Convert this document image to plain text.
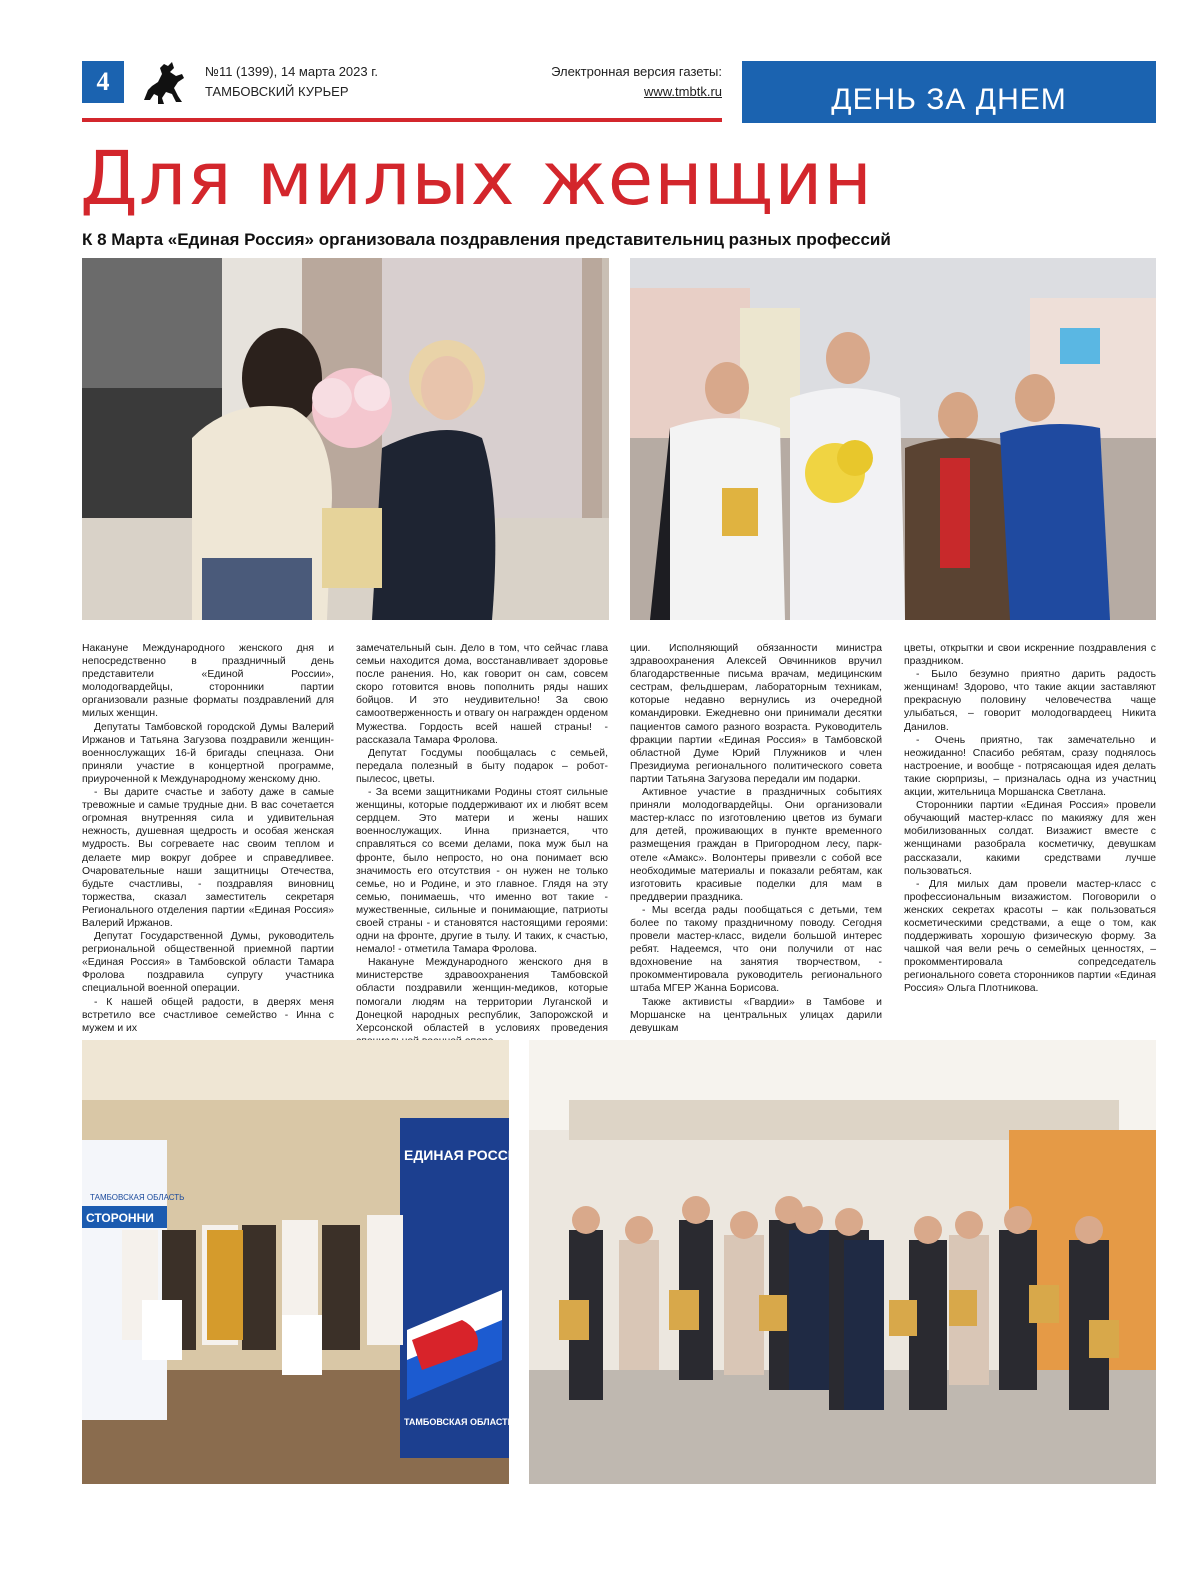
4	№11 (1399), 14 марта 2023 г.
ТАМБОВСКИЙ КУРЬЕР
Электронная версия газеты:
www.tmbtk.ru	ДЕНЬ ЗА ДНЕМ
Для милых женщин
К 8 Марта «Единая Россия» организовала поздравления представительниц разных профессий

Накануне Международного женского дня и непосредственно в праздничный день представители «Единой России», молодогвардейцы, сторонники партии организовали разные форматы поздравлений для милых женщин.

Депутаты Тамбовской городской Думы Валерий Иржанов и Татьяна Загузова поздравили женщин-военнослужащих 16-й бригады спецназа. Они приняли участие в концертной программе, приуроченной к Международному женскому дню.

- Вы дарите счастье и заботу даже в самые тревожные и самые трудные дни. В вас сочетается огромная внутренняя сила и удивительная нежность, душевная щедрость и особая женская мудрость. Вы согреваете нас своим теплом и делаете мир вокруг добрее и справедливее. Очаровательные наши защитницы Отечества, будьте счастливы, - поздравляя виновниц торжества, сказал заместитель секретаря Регионального отделения партии «Единая Россия» Валерий Иржанов.

Депутат Государственной Думы, руководитель регриональной общественной приемной партии «Единая Россия» в Тамбовской области Тамара Фролова поздравила супругу участника специальной военной операции.

- К нашей общей радости, в дверях меня встретило все счастливое семейство - Инна с мужем и их

замечательный сын. Дело в том, что сейчас глава семьи находится дома, восстанавливает здоровье после ранения. Но, как говорит он сам, совсем скоро готовится вновь пополнить ряды наших бойцов. И это неудивительно! За свою самоотверженность и отвагу он награжден орденом Мужества. Гордость всей нашей страны! - рассказала Тамара Фролова.

Депутат Госдумы пообщалась с семьей, передала полезный в быту подарок – робот-пылесос, цветы.

- За всеми защитниками Родины стоят сильные женщины, которые поддерживают их и любят всем сердцем. Это матери и жены наших военнослужащих. Инна признается, что справляться со всеми делами, пока муж был на фронте, было непросто, но она понимает всю значимость его отсутствия - он нужен не только семье, но и Родине, и это главное. Глядя на эту семью, понимаешь, что именно вот такие - мужественные, сильные и понимающие, патриоты своей страны - и становятся настоящими героями: одни на фронте, другие в тылу. И таких, к счастью, немало! - отметила Тамара Фролова.

Накануне Международного женского дня в министерстве здравоохранения Тамбовской области поздравили женщин-медиков, которые помогали людям на территории Луганской и Донецкой народных республик, Запорожской и Херсонской областей в условиях проведения

ции. Исполняющий обязанности министра здравоохранения Алексей Овчинников вручил благодарственные письма врачам, медицинским сестрам, фельдшерам, лабораторным техникам, которые недавно вернулись из очередной командировки. Ежедневно они принимали десятки пациентов самого разного возраста. Руководитель фракции партии «Единая Россия» в Тамбовской областной Думе Юрий Плужников и член Президиума регионального политического совета партии Татьяна Загузова передали им подарки.

Активное участие в праздничных событиях приняли молодогвардейцы. Они организовали мастер-класс по изготовлению цветов из бумаги для детей, проживающих в пункте временного размещения граждан в Пригородном лесу, парк-отеле «Амакс». Волонтеры привезли с собой все необходимые материалы и показали ребятам, как изготовить красивые поделки для мам в преддверии праздника.

- Мы всегда рады пообщаться с детьми, тем более по такому праздничному поводу. Сегодня провели мастер-класс, видели большой интерес ребят. Надеемся, что они получили от нас вдохновение на занятия творчеством, - прокомментировала руководитель регионального штаба МГЕР Жанна Борисова.

Также активисты «Гвардии» в Тамбове и Моршанске на центральных улицах дарили девушкам

цветы, открытки и свои искренние поздравления с праздником.

- Было безумно приятно дарить радость женщинам! Здорово, что такие акции заставляют прекрасную половину человечества чаще улыбаться, – говорит молодогвардеец Никита Данилов.

- Очень приятно, так замечательно и неожиданно! Спасибо ребятам, сразу поднялось настроение, и вообще - потрясающая идея делать такие сюрпризы, – призналась одна из участниц акции, жительница Моршанска Светлана.

Сторонники партии «Единая Россия» провели обучающий мастер-класс по макияжу для жен мобилизованных солдат. Визажист вместе с женщинами разобрала косметичку, девушкам рассказали, какими средствами лучше пользоваться.

- Для милых дам провели мастер-класс с профессиональным визажистом. Поговорили о женских секретах красоты – как пользоваться косметическими средствами, а еще о том, как поддерживать хорошую физическую форму. За чашкой чая вели речь о семейных ценностях, – прокомментировала сопредседатель регионального совета сторонников партии «Единая Россия» Ольга Плотникова.

ТАМБОВСКАЯ ОБЛАСТЬ
СТОРОННИ
ЕДИНАЯ РОССИЯ
ТАМБОВСКАЯ ОБЛАСТЬ
